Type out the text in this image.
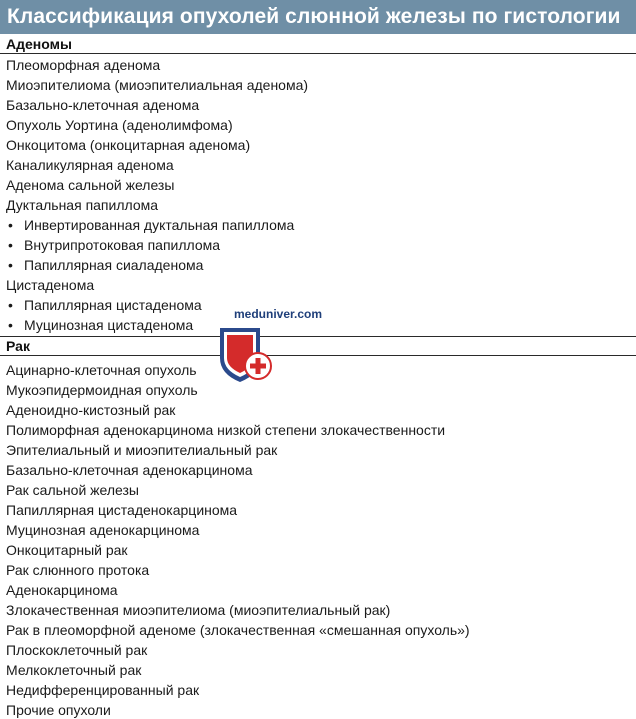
Классификация опухолей слюнной железы по гистологии
Аденомы
Плеоморфная аденома
Миоэпителиома (миоэпителиальная аденома)
Базально-клеточная аденома
Опухоль Уортина (аденолимфома)
Онкоцитома (онкоцитарная аденома)
Каналикулярная аденома
Аденома сальной железы
Дуктальная папиллома
• Инвертированная дуктальная папиллома
• Внутрипротоковая папиллома
• Папиллярная сиаладенома
Цистаденома
• Папиллярная цистаденома
• Муцинозная цистаденома
Рак
Ацинарно-клеточная опухоль
Мукоэпидермоидная опухоль
Аденоидно-кистозный рак
Полиморфная аденокарцинома низкой степени злокачественности
Эпителиальный и миоэпителиальный рак
Базально-клеточная аденокарцинома
Рак сальной железы
Папиллярная цистаденокарцинома
Муцинозная аденокарцинома
Онкоцитарный рак
Рак слюнного протока
Аденокарцинома
Злокачественная миоэпителиома (миоэпителиальный рак)
Рак в плеоморфной аденоме (злокачественная «смешанная опухоль»)
Плоскоклеточный рак
Мелкоклеточный рак
Недифференцированный рак
Прочие опухоли
meduniver.com
